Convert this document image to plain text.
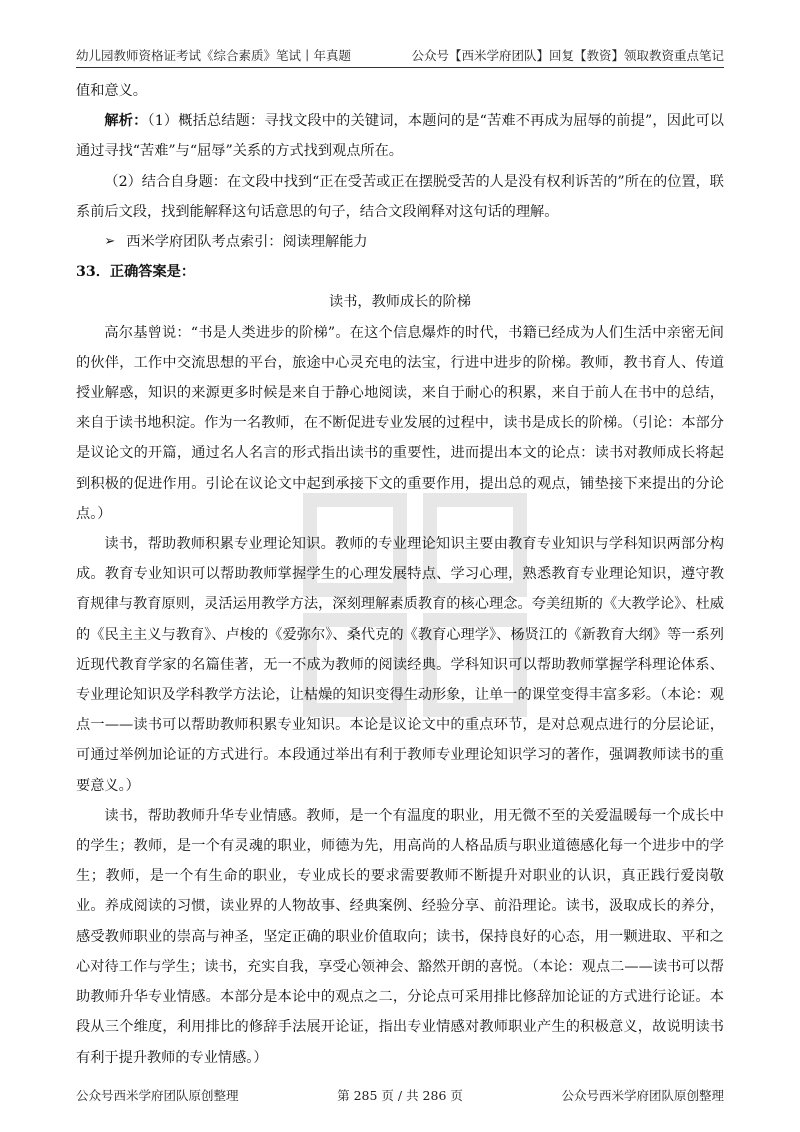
幼儿园教师资格证考试《综合素质》笔试丨年真题	公众号【西米学府团队】回复【教资】领取教资重点笔记

值和意义。

解析：（1）概括总结题：寻找文段中的关键词，本题问的是“苦难不再成为屈辱的前提”，因此可以通过寻找“苦难”与“屈辱”关系的方式找到观点所在。

（2）结合自身题：在文段中找到“正在受苦或正在摆脱受苦的人是没有权利诉苦的”所在的位置，联系前后文段，找到能解释这句话意思的句子，结合文段阐释对这句话的理解。

➢ 西米学府团队考点索引：阅读理解能力

33．正确答案是：

读书，教师成长的阶梯

高尔基曾说：“书是人类进步的阶梯”。在这个信息爆炸的时代，书籍已经成为人们生活中亲密无间的伙伴，工作中交流思想的平台，旅途中心灵充电的法宝，行进中进步的阶梯。教师，教书育人、传道授业解惑，知识的来源更多时候是来自于静心地阅读，来自于耐心的积累，来自于前人在书中的总结，来自于读书地积淀。作为一名教师，在不断促进专业发展的过程中，读书是成长的阶梯。（引论：本部分是议论文的开篇，通过名人名言的形式指出读书的重要性，进而提出本文的论点：读书对教师成长将起到积极的促进作用。引论在议论文中起到承接下文的重要作用，提出总的观点，铺垫接下来提出的分论点。）

读书，帮助教师积累专业理论知识。教师的专业理论知识主要由教育专业知识与学科知识两部分构成。教育专业知识可以帮助教师掌握学生的心理发展特点、学习心理，熟悉教育专业理论知识，遵守教育规律与教育原则，灵活运用教学方法，深刻理解素质教育的核心理念。夸美纽斯的《大教学论》、杜威的《民主主义与教育》、卢梭的《爱弥尔》、桑代克的《教育心理学》、杨贤江的《新教育大纲》等一系列近现代教育学家的名篇佳著，无一不成为教师的阅读经典。学科知识可以帮助教师掌握学科理论体系、专业理论知识及学科教学方法论，让枯燥的知识变得生动形象，让单一的课堂变得丰富多彩。（本论：观点一——读书可以帮助教师积累专业知识。本论是议论文中的重点环节，是对总观点进行的分层论证，可通过举例加论证的方式进行。本段通过举出有利于教师专业理论知识学习的著作，强调教师读书的重要意义。）

读书，帮助教师升华专业情感。教师，是一个有温度的职业，用无微不至的关爱温暖每一个成长中的学生；教师，是一个有灵魂的职业，师德为先，用高尚的人格品质与职业道德感化每一个进步中的学生；教师，是一个有生命的职业，专业成长的要求需要教师不断提升对职业的认识，真正践行爱岗敬业。养成阅读的习惯，读业界的人物故事、经典案例、经验分享、前沿理论。读书，汲取成长的养分，感受教师职业的崇高与神圣，坚定正确的职业价值取向；读书，保持良好的心态，用一颗进取、平和之心对待工作与学生；读书，充实自我，享受心领神会、豁然开朗的喜悦。（本论：观点二——读书可以帮助教师升华专业情感。本部分是本论中的观点之二，分论点可采用排比修辞加论证的方式进行论证。本段从三个维度，利用排比的修辞手法展开论证，指出专业情感对教师职业产生的积极意义，故说明读书有利于提升教师的专业情感。）

公众号西米学府团队原创整理	第 285 页 / 共 286 页	公众号西米学府团队原创整理
